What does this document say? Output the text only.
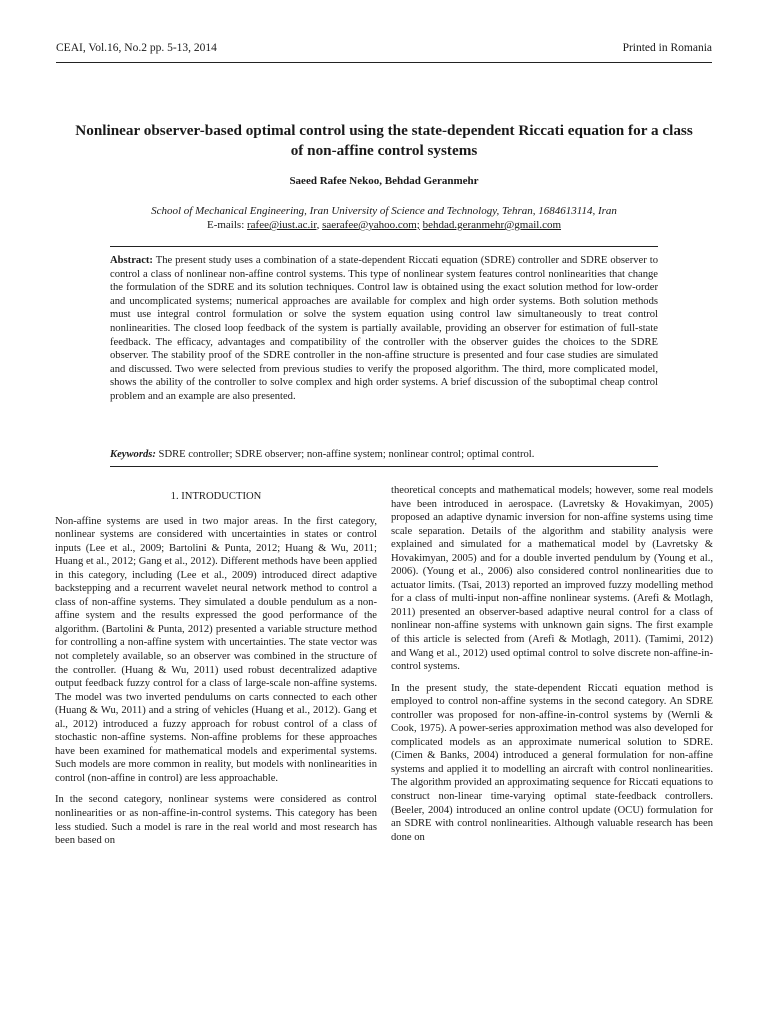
CEAI, Vol.16, No.2 pp. 5-13, 2014	Printed in Romania
Nonlinear observer-based optimal control using the state-dependent Riccati equation for a class of non-affine control systems
Saeed Rafee Nekoo, Behdad Geranmehr
School of Mechanical Engineering, Iran University of Science and Technology, Tehran, 1684613114, Iran
E-mails: rafee@iust.ac.ir, saerafee@yahoo.com; behdad.geranmehr@gmail.com
Abstract: The present study uses a combination of a state-dependent Riccati equation (SDRE) controller and SDRE observer to control a class of nonlinear non-affine control systems. This type of nonlinear system features control nonlinearities that change the formulation of the SDRE and its solution techniques. Control law is obtained using the exact solution method for low-order and uncomplicated systems; numerical approaches are available for complex and high order systems. Both solution methods must use integral control formulation or solve the system equation using control law simultaneously to treat control nonlinearities. The closed loop feedback of the system is partially available, providing an observer for estimation of full-state feedback. The efficacy, advantages and compatibility of the controller with the observer guides the choices to the SDRE observer. The stability proof of the SDRE controller in the non-affine structure is presented and four case studies are simulated and discussed. Two were selected from previous studies to verify the proposed algorithm. The third, more complicated model, shows the ability of the controller to solve complex and high order systems. A brief discussion of the suboptimal cheap control problem and an example are also presented.
Keywords: SDRE controller; SDRE observer; non-affine system; nonlinear control; optimal control.
1. INTRODUCTION

Non-affine systems are used in two major areas. In the first category, nonlinear systems are considered with uncertainties in states or control inputs (Lee et al., 2009; Bartolini & Punta, 2012; Huang & Wu, 2011; Huang et al., 2012; Gang et al., 2012). Different methods have been applied in this category, including (Lee et al., 2009) introduced direct adaptive backstepping and a recurrent wavelet neural network method to control a class of non-affine systems. They simulated a double pendulum as a non-affine system and the results expressed the good performance of the algorithm. (Bartolini & Punta, 2012) presented a variable structure method for controlling a non-affine system with uncertainties. The state vector was not completely available, so an observer was combined in the structure of the controller. (Huang & Wu, 2011) used robust decentralized adaptive output feedback fuzzy control for a class of large-scale non-affine systems. The model was two inverted pendulums on carts connected to each other (Huang & Wu, 2011) and a string of vehicles (Huang et al., 2012). Gang et al., 2012) introduced a fuzzy approach for robust control of a class of stochastic non-affine systems. Non-affine problems for these approaches have been examined for mathematical models and experimental systems. Such models are more common in reality, but models with nonlinearities in control (non-affine in control) are less approachable.

In the second category, nonlinear systems were considered as control nonlinearities or as non-affine-in-control systems. This category has been less studied. Such a model is rare in the real world and most research has been based on

theoretical concepts and mathematical models; however, some real models have been introduced in aerospace. (Lavretsky & Hovakimyan, 2005) proposed an adaptive dynamic inversion for non-affine systems using time scale separation. Details of the algorithm and stability analysis were explained and simulated for a mathematical model by (Lavretsky & Hovakimyan, 2005) and for a double inverted pendulum by (Young et al., 2006). (Young et al., 2006) also considered control nonlinearities due to actuator limits. (Tsai, 2013) reported an improved fuzzy modelling method for a class of multi-input non-affine nonlinear systems. (Arefi & Motlagh, 2011) presented an observer-based adaptive neural control for a class of nonlinear non-affine systems with unknown gain signs. The first example of this article is selected from (Arefi & Motlagh, 2011). (Tamimi, 2012) and Wang et al., 2012) used optimal control to solve discrete non-affine-in-control systems.

In the present study, the state-dependent Riccati equation method is employed to control non-affine systems in the second category. An SDRE controller was proposed for non-affine-in-control systems by (Wernli & Cook, 1975). A power-series approximation method was also developed for complicated models as an approximate numerical solution to SDRE. (Cimen & Banks, 2004) introduced a general formulation for non-affine systems and applied it to modelling an aircraft with control nonlinearities. The algorithm provided an approximating sequence for Riccati equations to construct non-linear time-varying optimal state-feedback controllers. (Beeler, 2004) introduced an online control update (OCU) formulation for an SDRE with control nonlinearities. Although valuable research has been done on
